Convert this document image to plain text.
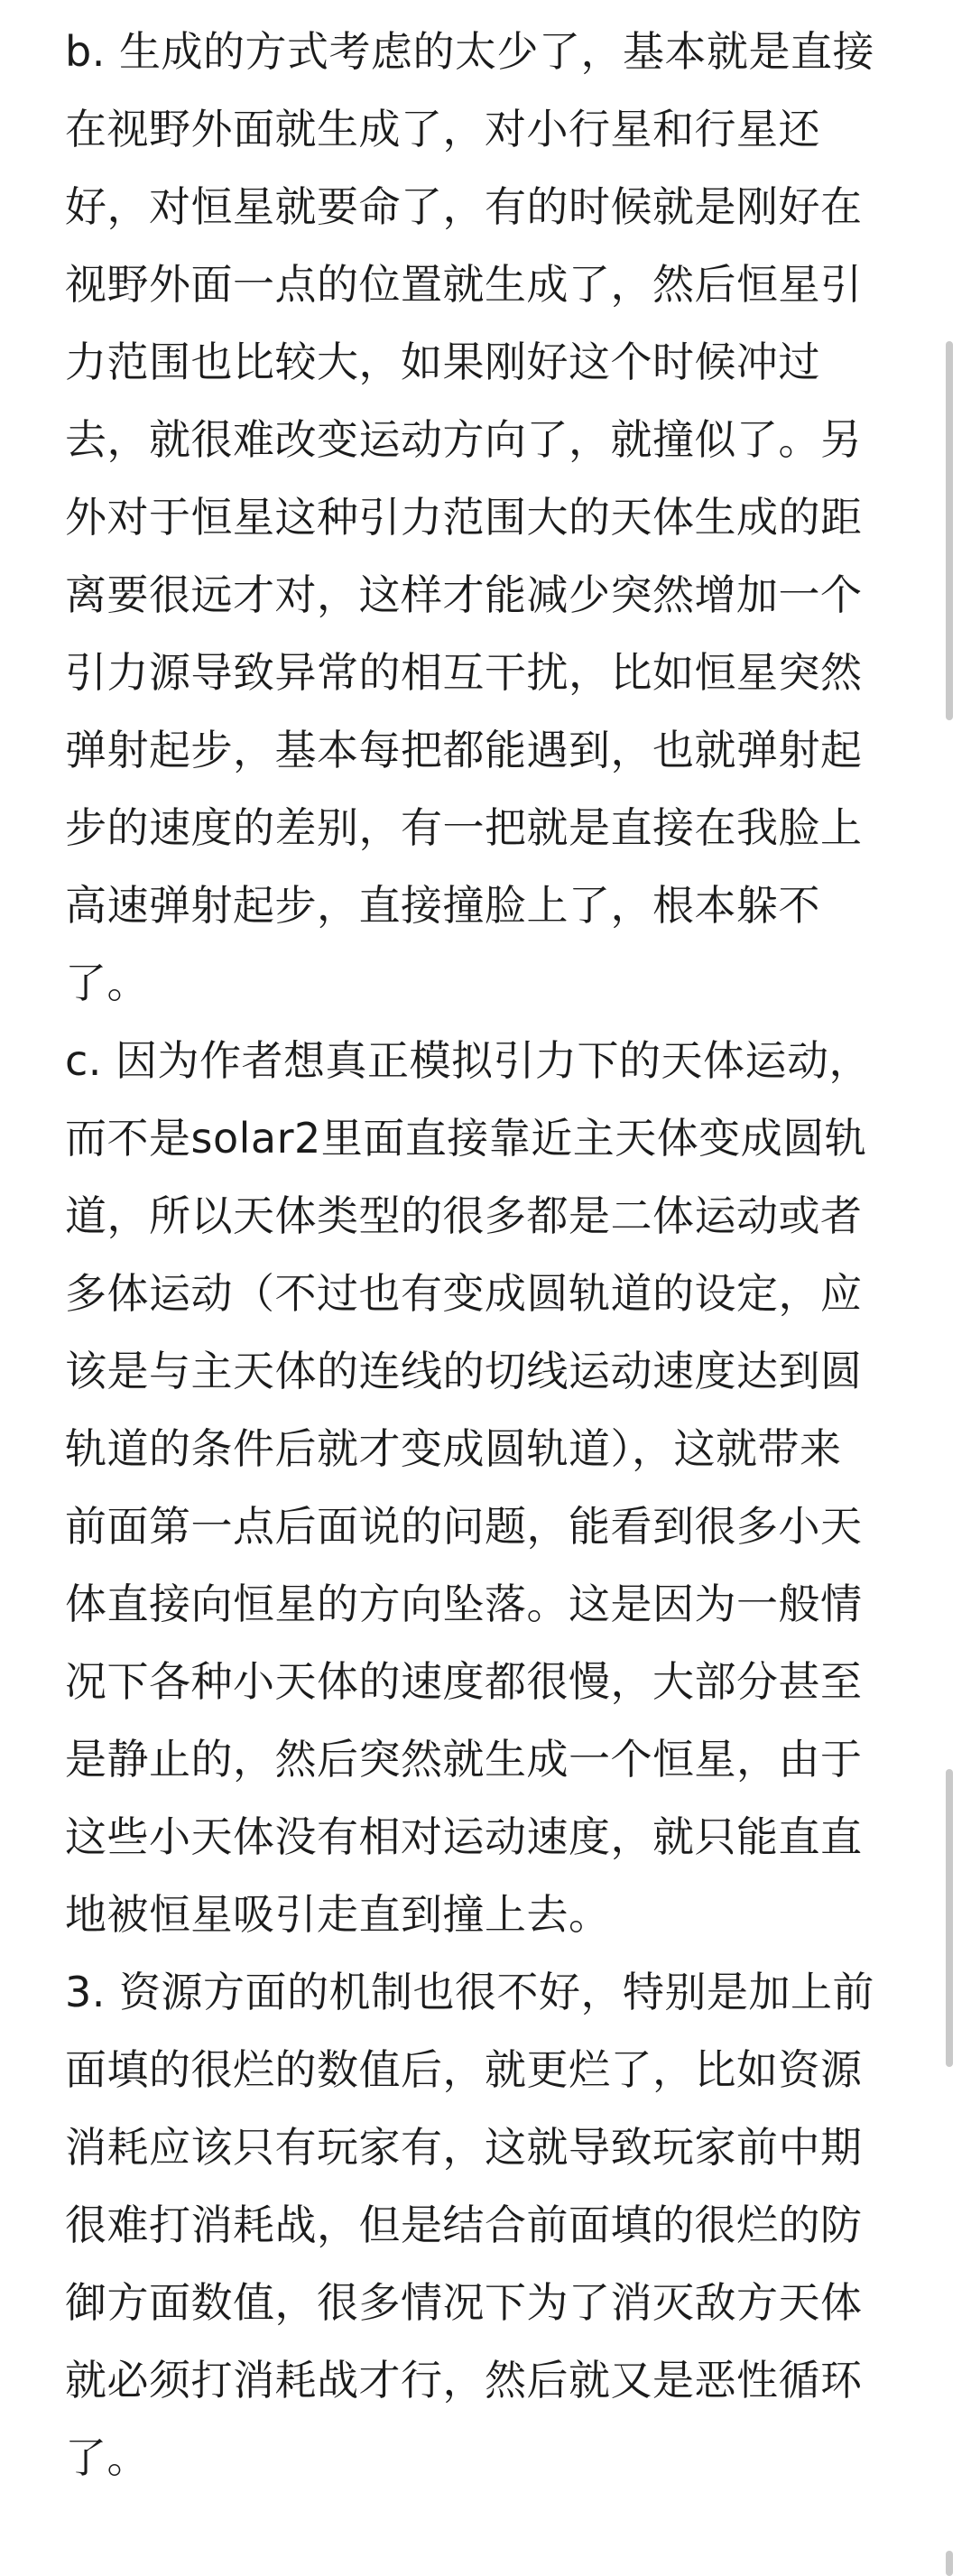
b. 生成的方式考虑的太少了，基本就是直接
在视野外面就生成了，对小行星和行星还
好，对恒星就要命了，有的时候就是刚好在
视野外面一点的位置就生成了，然后恒星引
力范围也比较大，如果刚好这个时候冲过
去，就很难改变运动方向了，就撞似了。另
外对于恒星这种引力范围大的天体生成的距
离要很远才对，这样才能减少突然增加一个
引力源导致异常的相互干扰，比如恒星突然
弹射起步，基本每把都能遇到，也就弹射起
步的速度的差别，有一把就是直接在我脸上
高速弹射起步，直接撞脸上了，根本躲不
了。
c. 因为作者想真正模拟引力下的天体运动，
而不是solar2里面直接靠近主天体变成圆轨
道，所以天体类型的很多都是二体运动或者
多体运动（不过也有变成圆轨道的设定，应
该是与主天体的连线的切线运动速度达到圆
轨道的条件后就才变成圆轨道），这就带来
前面第一点后面说的问题，能看到很多小天
体直接向恒星的方向坠落。这是因为一般情
况下各种小天体的速度都很慢，大部分甚至
是静止的，然后突然就生成一个恒星，由于
这些小天体没有相对运动速度，就只能直直
地被恒星吸引走直到撞上去。
3. 资源方面的机制也很不好，特别是加上前
面填的很烂的数值后，就更烂了，比如资源
消耗应该只有玩家有，这就导致玩家前中期
很难打消耗战，但是结合前面填的很烂的防
御方面数值，很多情况下为了消灭敌方天体
就必须打消耗战才行，然后就又是恶性循环
了。
